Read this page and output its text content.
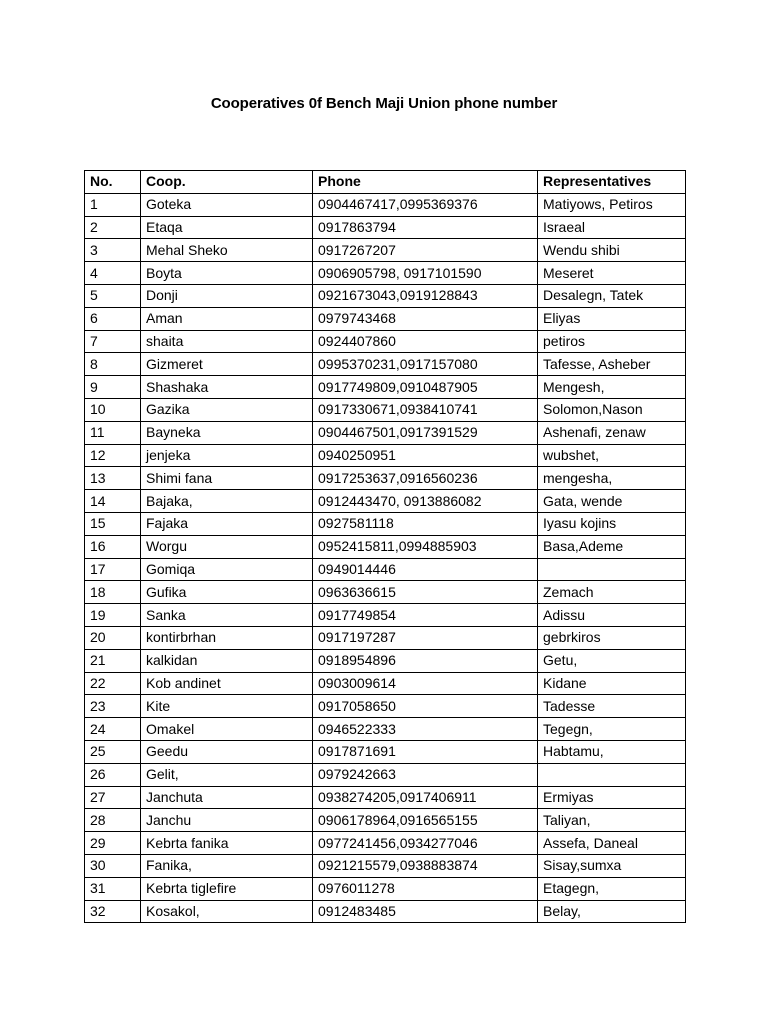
Cooperatives 0f Bench Maji Union phone number
No.	Coop.	Phone	Representatives
1	Goteka	0904467417,0995369376	Matiyows, Petiros
2	Etaqa	0917863794	Israeal
3	Mehal Sheko	0917267207	Wendu shibi
4	Boyta	0906905798, 0917101590	Meseret
5	Donji	0921673043,0919128843	Desalegn, Tatek
6	Aman	0979743468	Eliyas
7	shaita	0924407860	petiros
8	Gizmeret	0995370231,0917157080	Tafesse, Asheber
9	Shashaka	0917749809,0910487905	Mengesh,
10	Gazika	0917330671,0938410741	Solomon,Nason
11	Bayneka	0904467501,0917391529	Ashenafi, zenaw
12	jenjeka	0940250951	wubshet,
13	Shimi fana	0917253637,0916560236	mengesha,
14	Bajaka,	0912443470, 0913886082	Gata, wende
15	Fajaka	0927581118	Iyasu kojins
16	Worgu	0952415811,0994885903	Basa,Ademe
17	Gomiqa	0949014446	
18	Gufika	0963636615	Zemach
19	Sanka	0917749854	Adissu
20	kontirbrhan	0917197287	gebrkiros
21	kalkidan	0918954896	Getu,
22	Kob andinet	0903009614	Kidane
23	Kite	0917058650	Tadesse
24	Omakel	0946522333	Tegegn,
25	Geedu	0917871691	Habtamu,
26	Gelit,	0979242663	
27	Janchuta	0938274205,0917406911	Ermiyas
28	Janchu	0906178964,0916565155	Taliyan,
29	Kebrta fanika	0977241456,0934277046	Assefa, Daneal
30	Fanika,	0921215579,0938883874	Sisay,sumxa
31	Kebrta tiglefire	0976011278	Etagegn,
32	Kosakol,	0912483485	Belay,
